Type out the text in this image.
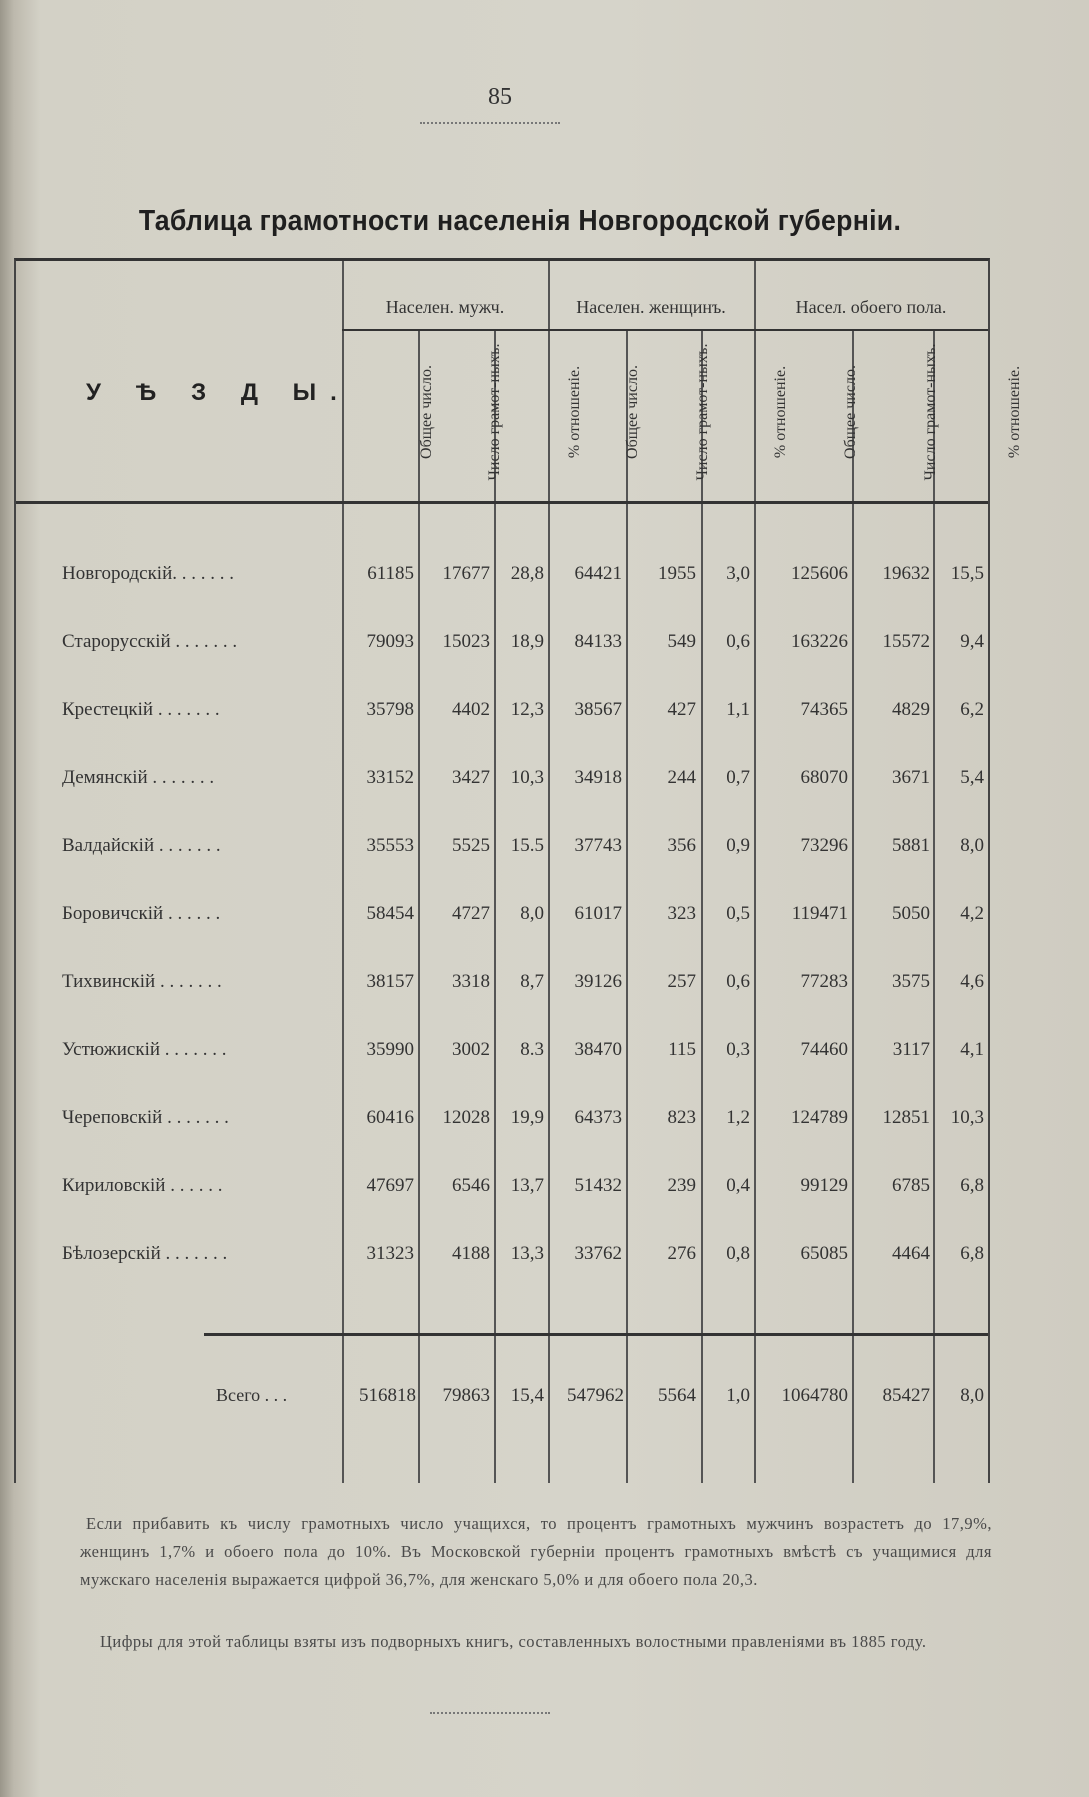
85
Таблица грамотности населенія Новгородской губерніи.
У Ѣ З Д Ы.
Населен. мужч.	Населен. женщинъ.	Насел. обоего пола.
Общее число.	Число грамот-ныхъ.	% отношеніе.	Общее число.	Число грамот-ныхъ.	% отношеніе.	Общее число.	Число грамот-ныхъ.	% отношеніе.
Новгородскій. . . . . . .	61185	17677	28,8	64421	1955	3,0	125606	19632	15,5
Старорусскій . . . . . . .	79093	15023	18,9	84133	549	0,6	163226	15572	9,4
Крестецкій . . . . . . .	35798	4402	12,3	38567	427	1,1	74365	4829	6,2
Демянскій . . . . . . .	33152	3427	10,3	34918	244	0,7	68070	3671	5,4
Валдайскій . . . . . . .	35553	5525	15.5	37743	356	0,9	73296	5881	8,0
Боровичскій . . . . . .	58454	4727	8,0	61017	323	0,5	119471	5050	4,2
Тихвинскій . . . . . . .	38157	3318	8,7	39126	257	0,6	77283	3575	4,6
Устюжискій . . . . . . .	35990	3002	8.3	38470	115	0,3	74460	3117	4,1
Череповскій . . . . . . .	60416	12028	19,9	64373	823	1,2	124789	12851	10,3
Кириловскій . . . . . .	47697	6546	13,7	51432	239	0,4	99129	6785	6,8
Бѣлозерскій . . . . . . .	31323	4188	13,3	33762	276	0,8	65085	4464	6,8
Всего . . .	516818	79863	15,4	547962	5564	1,0	1064780	85427	8,0
Если прибавить къ числу грамотныхъ число учащихся, то процентъ грамотныхъ мужчинъ возрастетъ до 17,9%, женщинъ 1,7% и обоего пола до 10%. Въ Московской губерніи процентъ грамотныхъ вмѣстѣ съ учащимися для мужскаго населенія выражается цифрой 36,7%, для женскаго 5,0% и для обоего пола 20,3.
Цифры для этой таблицы взяты изъ подворныхъ книгъ, составленныхъ волостными правленіями въ 1885 году.
